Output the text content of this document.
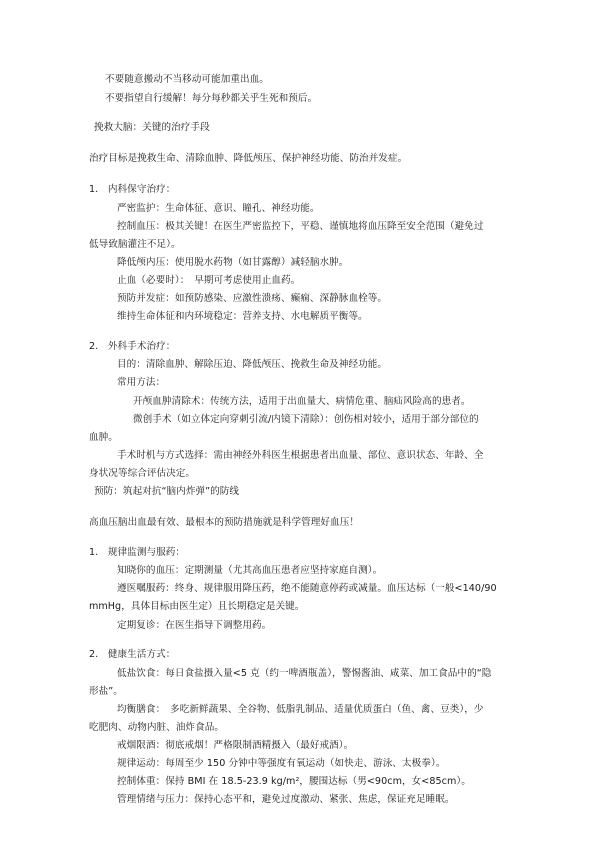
不要随意搬动不当移动可能加重出血。
不要指望自行缓解！每分每秒都关乎生死和预后。
挽救大脑：关键的治疗手段
治疗目标是挽救生命、清除血肿、降低颅压、保护神经功能、防治并发症。
1.　内科保守治疗：
严密监护：生命体征、意识、瞳孔、神经功能。
控制血压：极其关键！在医生严密监控下，平稳、谨慎地将血压降至安全范围（避免过
低导致脑灌注不足）。
降低颅内压：使用脱水药物（如甘露醇）减轻脑水肿。
止血（必要时）：　早期可考虑使用止血药。
预防并发症：如预防感染、应激性溃疡、癫痫、深静脉血栓等。
维持生命体征和内环境稳定：营养支持、水电解质平衡等。
2.　外科手术治疗：
目的：清除血肿、解除压迫、降低颅压、挽救生命及神经功能。
常用方法：
开颅血肿清除术：传统方法，适用于出血量大、病情危重、脑疝风险高的患者。
微创手术（如立体定向穿刺引流/内镜下清除）：创伤相对较小，适用于部分部位的
血肿。
手术时机与方式选择：需由神经外科医生根据患者出血量、部位、意识状态、年龄、全
身状况等综合评估决定。
预防：筑起对抗“脑内炸弹”的防线
高血压脑出血最有效、最根本的预防措施就是科学管理好血压！
1.　规律监测与服药：
知晓你的血压：定期测量（尤其高血压患者应坚持家庭自测）。
遵医嘱服药：终身、规律服用降压药，绝不能随意停药或减量。血压达标（一般<140/90
mmHg，具体目标由医生定）且长期稳定是关键。
定期复诊：在医生指导下调整用药。
2.　健康生活方式：
低盐饮食：每日食盐摄入量<5 克（约一啤酒瓶盖），警惕酱油、咸菜、加工食品中的“隐
形盐”。
均衡膳食：　多吃新鲜蔬果、全谷物、低脂乳制品、适量优质蛋白（鱼、禽、豆类），少
吃肥肉、动物内脏、油炸食品。
戒烟限酒：彻底戒烟！严格限制酒精摄入（最好戒酒）。
规律运动：每周至少 150 分钟中等强度有氧运动（如快走、游泳、太极拳）。
控制体重：保持 BMI 在 18.5-23.9 kg/m²，腰围达标（男<90cm，女<85cm）。
管理情绪与压力：保持心态平和，避免过度激动、紧张、焦虑，保证充足睡眠。
